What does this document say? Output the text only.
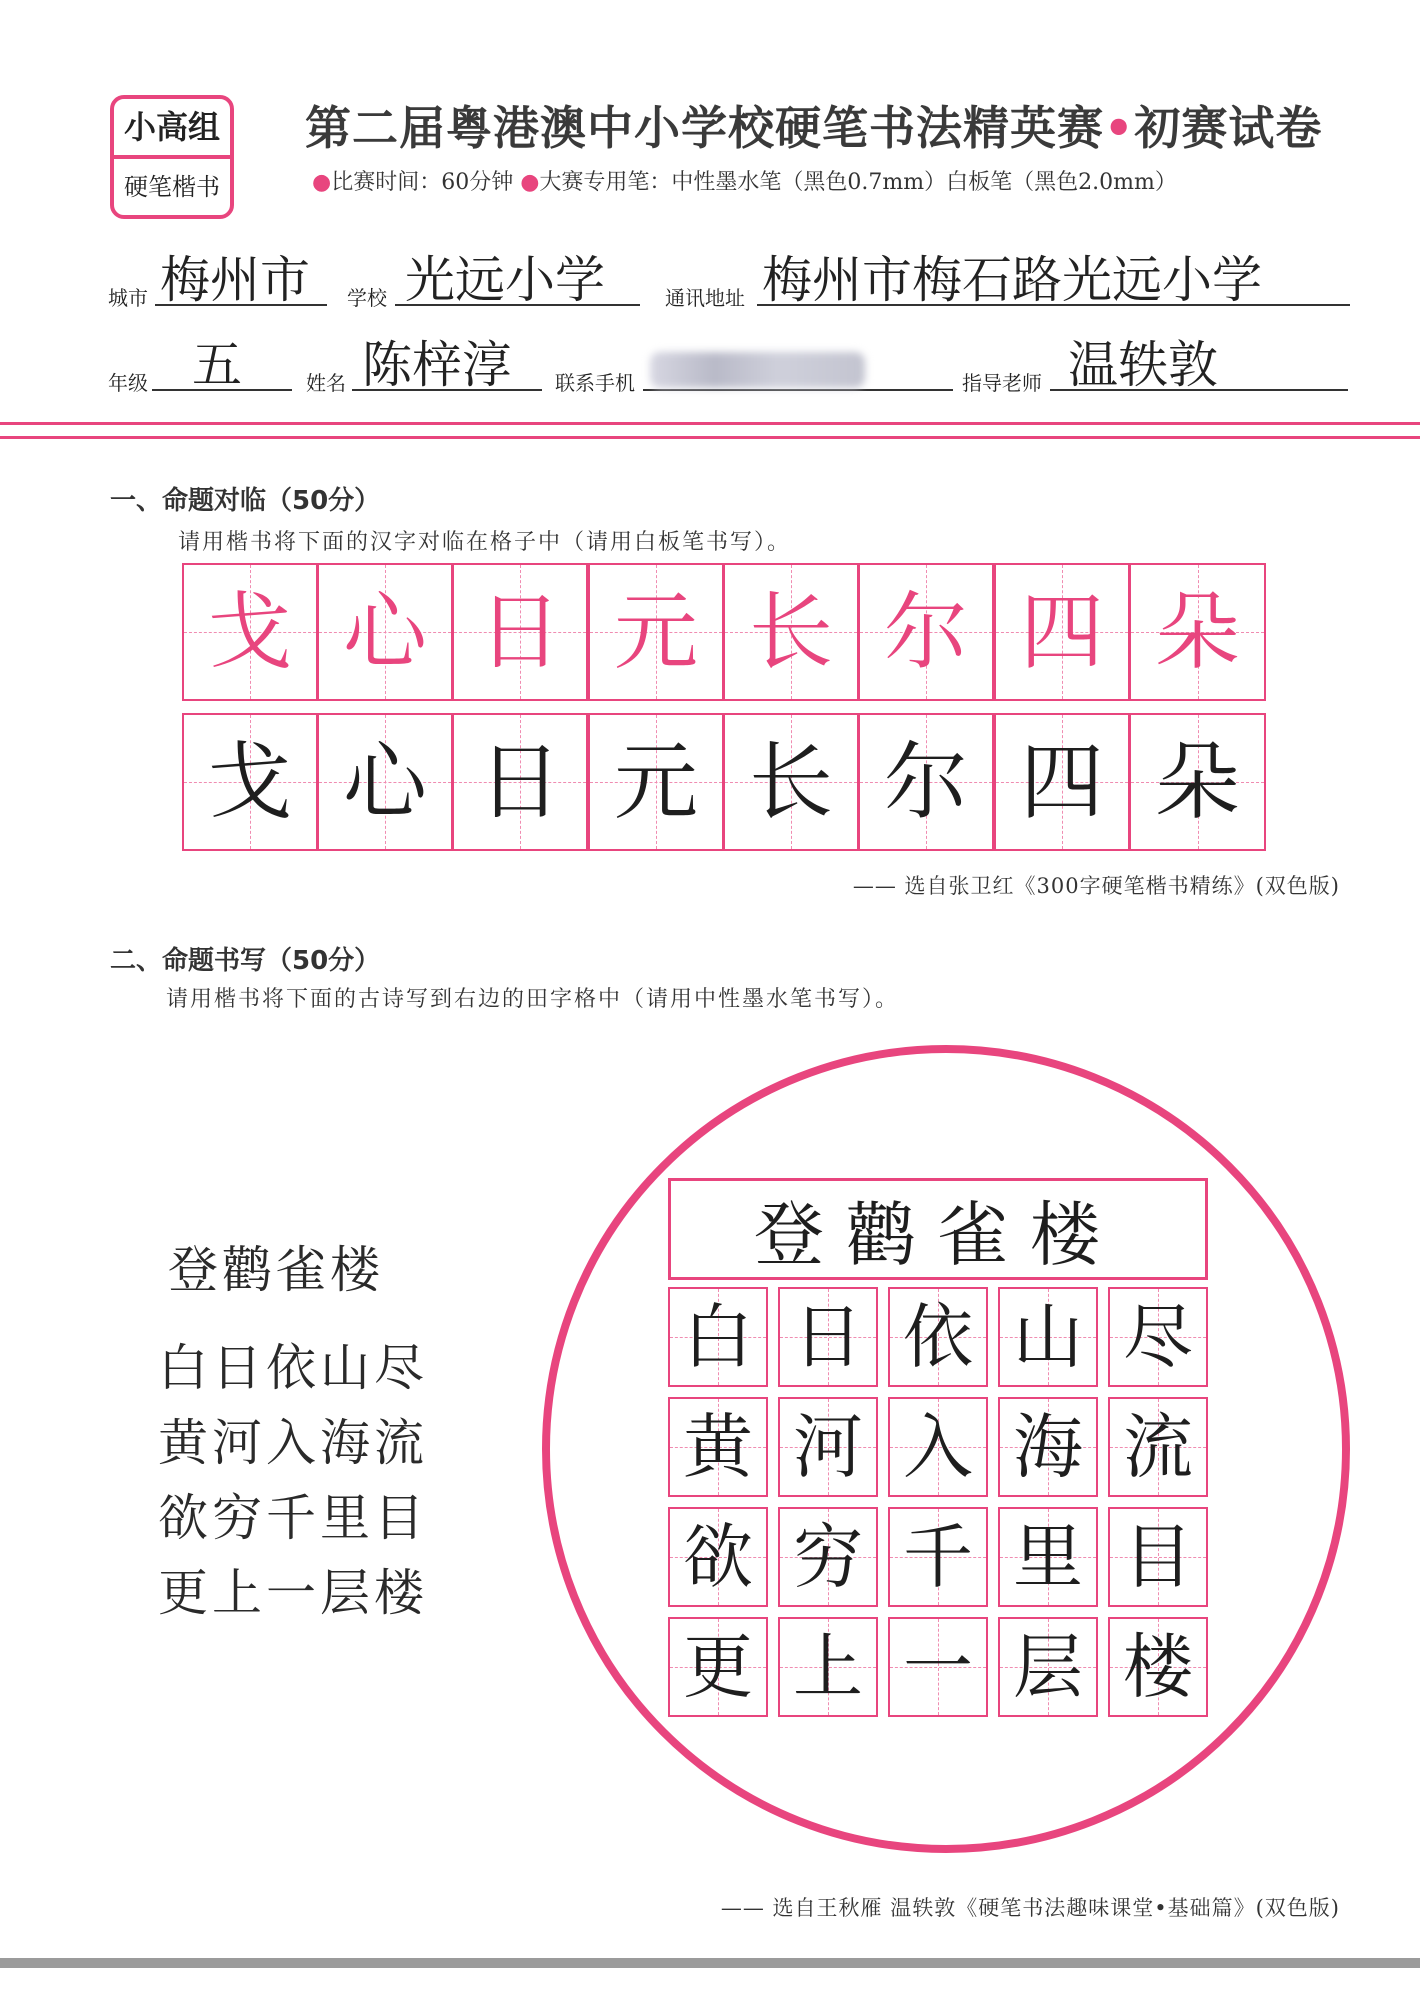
小高组
硬笔楷书
第二届粤港澳中小学校硬笔书法精英赛•初赛试卷
●比赛时间：60分钟 ●大赛专用笔：中性墨水笔（黑色0.7mm）白板笔（黑色2.0mm）
城市 梅州市 学校 光远小学	通讯地址 梅州市梅石路光远小学
年级 五	姓名 陈梓淳 联系手机	指导老师 温轶敦
一、命题对临（50分）
请用楷书将下面的汉字对临在格子中（请用白板笔书写）。
戈 心 日 元 长 尔 四 朵
戈 心 日 元 长 尔 四 朵
—— 选自张卫红《300字硬笔楷书精练》(双色版)
二、命题书写（50分）
请用楷书将下面的古诗写到右边的田字格中（请用中性墨水笔书写）。
登鹳雀楼
白日依山尽
黄河入海流
欲穷千里目
更上一层楼
登鹳雀楼
白 日 依 山 尽
黄 河 入 海 流
欲 穷 千 里 目
更 上 一 层 楼
—— 选自王秋雁 温轶敦《硬笔书法趣味课堂•基础篇》(双色版)
